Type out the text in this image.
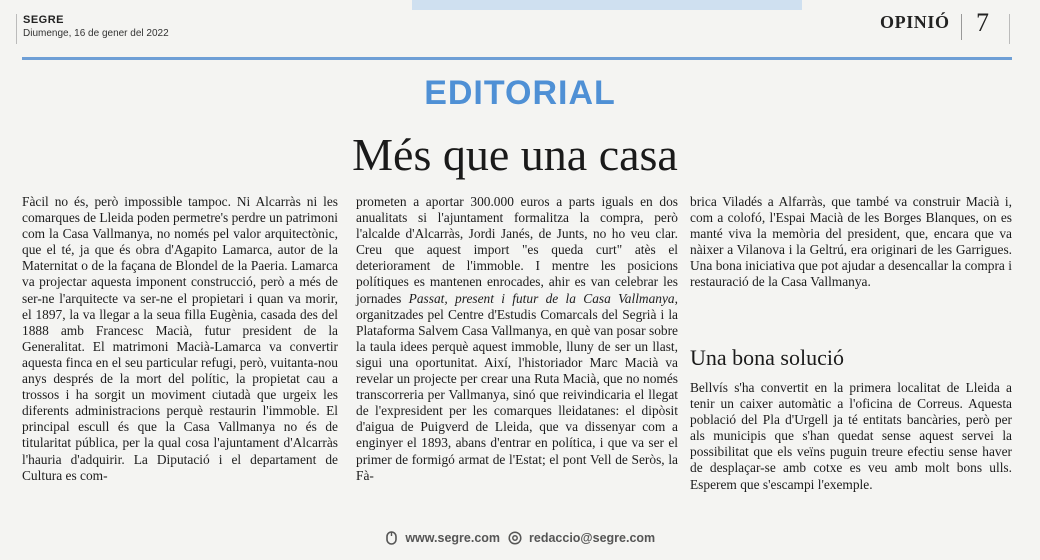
SEGRE
Diumenge, 16 de gener del 2022
OPINIÓ 7
EDITORIAL
Més que una casa

Fàcil no és, però impossible tampoc. Ni Alcarràs ni les comarques de Lleida poden permetre's perdre un patrimoni com la Casa Vallmanya, no només pel valor arquitectònic, que el té, ja que és obra d'Agapito Lamarca, autor de la Maternitat o de la façana de Blondel de la Paeria. Lamarca va projectar aquesta imponent construcció, però a més de ser-ne l'arquitecte va ser-ne el propietari i quan va morir, el 1897, la va llegar a la seua filla Eugènia, casada des del 1888 amb Francesc Macià, futur president de la Generalitat. El matrimoni Macià-Lamarca va convertir aquesta finca en el seu particular refugi, però, vuitanta-nou anys després de la mort del polític, la propietat cau a trossos i ha sorgit un moviment ciutadà que urgeix les diferents administracions perquè restaurin l'immoble. El principal escull és que la Casa Vallmanya no és de titularitat pública, per la qual cosa l'ajuntament d'Alcarràs l'hauria d'adquirir. La Diputació i el departament de Cultura es com-

prometen a aportar 300.000 euros a parts iguals en dos anualitats si l'ajuntament formalitza la compra, però l'alcalde d'Alcarràs, Jordi Janés, de Junts, no ho veu clar. Creu que aquest import "es queda curt" atès el deteriorament de l'immoble. I mentre les posicions polítiques es mantenen enrocades, ahir es van celebrar les jornades Passat, present i futur de la Casa Vallmanya, organitzades pel Centre d'Estudis Comarcals del Segrià i la Plataforma Salvem Casa Vallmanya, en què van posar sobre la taula idees perquè aquest immoble, lluny de ser un llast, sigui una oportunitat. Així, l'historiador Marc Macià va revelar un projecte per crear una Ruta Macià, que no només transcorreria per Vallmanya, sinó que reivindicaria el llegat de l'expresident per les comarques lleidatanes: el dipòsit d'aigua de Puigverd de Lleida, que va dissenyar com a enginyer el 1893, abans d'entrar en política, i que va ser el primer de formigó armat de l'Estat; el pont Vell de Seròs, la Fà-

brica Viladés a Alfarràs, que també va construir Macià i, com a colofó, l'Espai Macià de les Borges Blanques, on es manté viva la memòria del president, que, encara que va nàixer a Vilanova i la Geltrú, era originari de les Garrigues. Una bona iniciativa que pot ajudar a desencallar la compra i restauració de la Casa Vallmanya.

Una bona solució

Bellvís s'ha convertit en la primera localitat de Lleida a tenir un caixer automàtic a l'oficina de Correus. Aquesta població del Pla d'Urgell ja té entitats bancàries, però per als municipis que s'han quedat sense aquest servei la possibilitat que els veïns puguin treure efectiu sense haver de desplaçar-se amb cotxe es veu amb molt bons ulls. Esperem que s'escampi l'exemple.

www.segre.com redaccio@segre.com
